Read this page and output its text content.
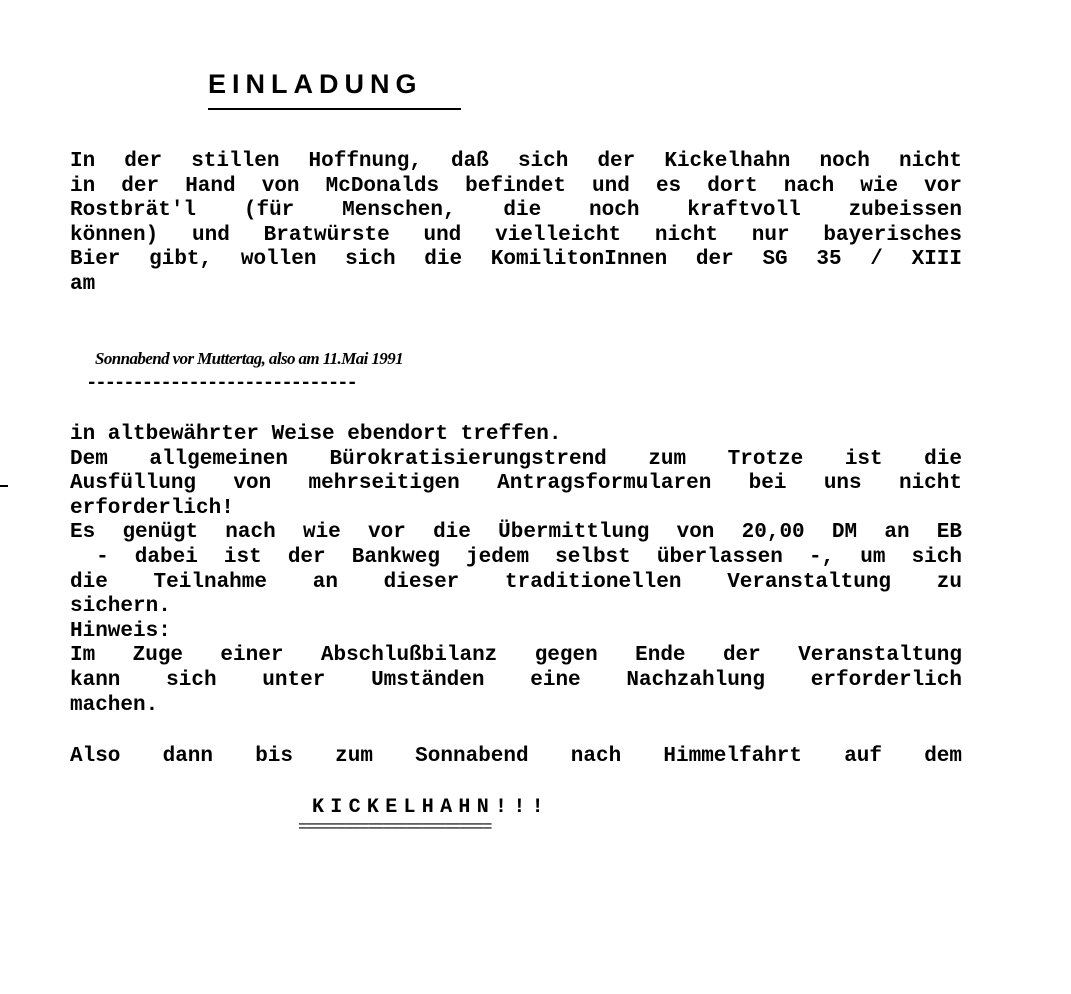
EINLADUNG
In der stillen Hoffnung, daß sich der Kickelhahn noch nicht
in der Hand von McDonalds befindet und es dort nach wie vor
Rostbrät'l (für Menschen, die noch kraftvoll zubeissen
können) und Bratwürste und vielleicht nicht nur bayerisches
Bier gibt, wollen sich die KomilitonInnen der SG 35 / XIII
am
Sonnabend vor Muttertag, also am 11.Mai 1991
-----------------------------
in altbewährter Weise ebendort treffen.
Dem allgemeinen Bürokratisierungstrend zum Trotze ist die
Ausfüllung von mehrseitigen Antragsformularen bei uns nicht
erforderlich!
Es genügt nach wie vor die Übermittlung von 20,00 DM an EB
- dabei ist der Bankweg jedem selbst überlassen -, um sich
die Teilnahme an dieser traditionellen Veranstaltung zu
sichern.
Hinweis:
Im Zuge einer Abschlußbilanz gegen Ende der Veranstaltung
kann sich unter Umständen eine Nachzahlung erforderlich
machen.
Also dann bis zum Sonnabend nach Himmelfahrt auf dem
KICKELHAHN!!!
=========================
